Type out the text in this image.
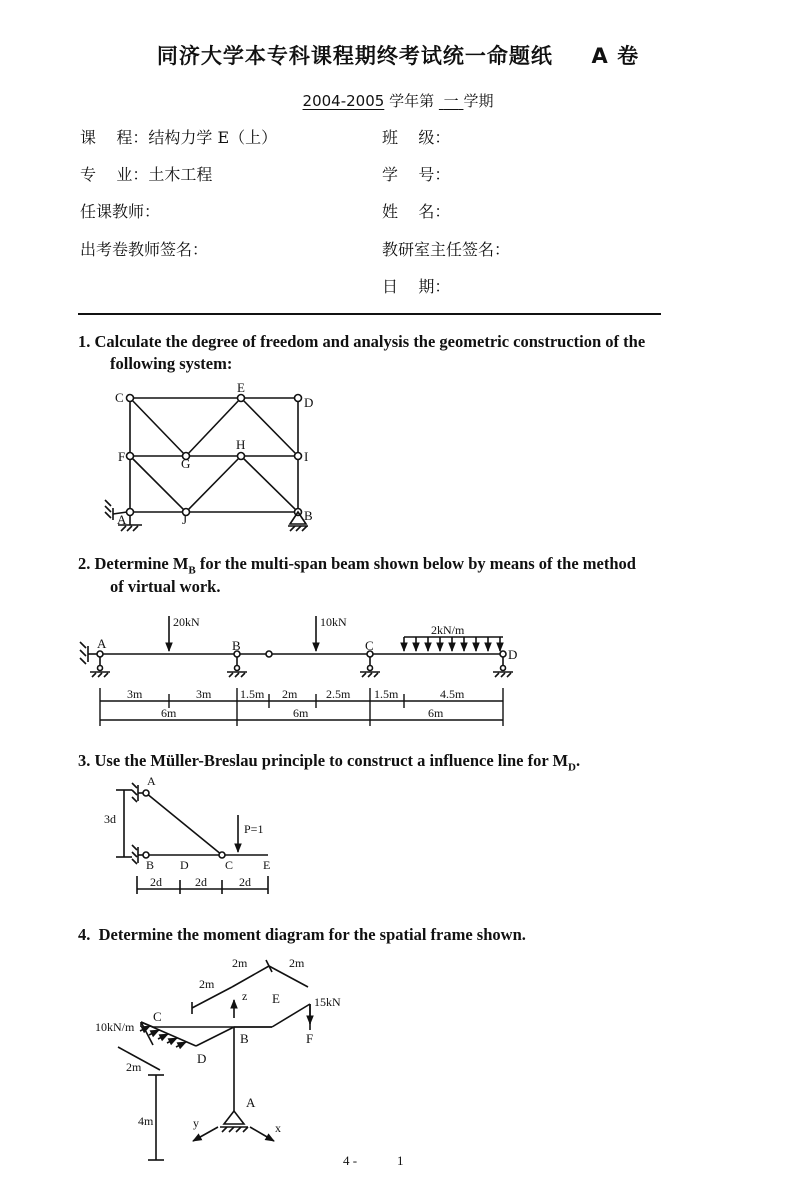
同济大学本专科课程期终考试统一命题纸 A 卷
2004-2005 学年第 一 学期
课    程：结构力学 E（上）
专    业：土木工程
任课教师：
出考卷教师签名：
班    级：
学    号：
姓    名：
教研室主任签名：
日    期：
1. Calculate the degree of freedom and analysis the geometric construction of the
following system:
2. Determine $M_B$ for the multi-span beam shown below by means of the method
of virtual work.
3. Use the Müller-Breslau principle to construct a influence line for $M_D$.
4. Determine the moment diagram for the spatial frame shown.
C
E
D
F	G
H
I
A	J	B
20kN	10kN
2kN/m
A	B	C
D
3m	3m 1.5m 2m 2.5m 1.5m	4.5m
6m	6m	6m
A
B D	C E
P=1
3d
2d	2d	2d
2m	2m
2m
2m
4m
10kN/m
15kN
C
D
B
E
F
A
z
y	x
4 -	1
